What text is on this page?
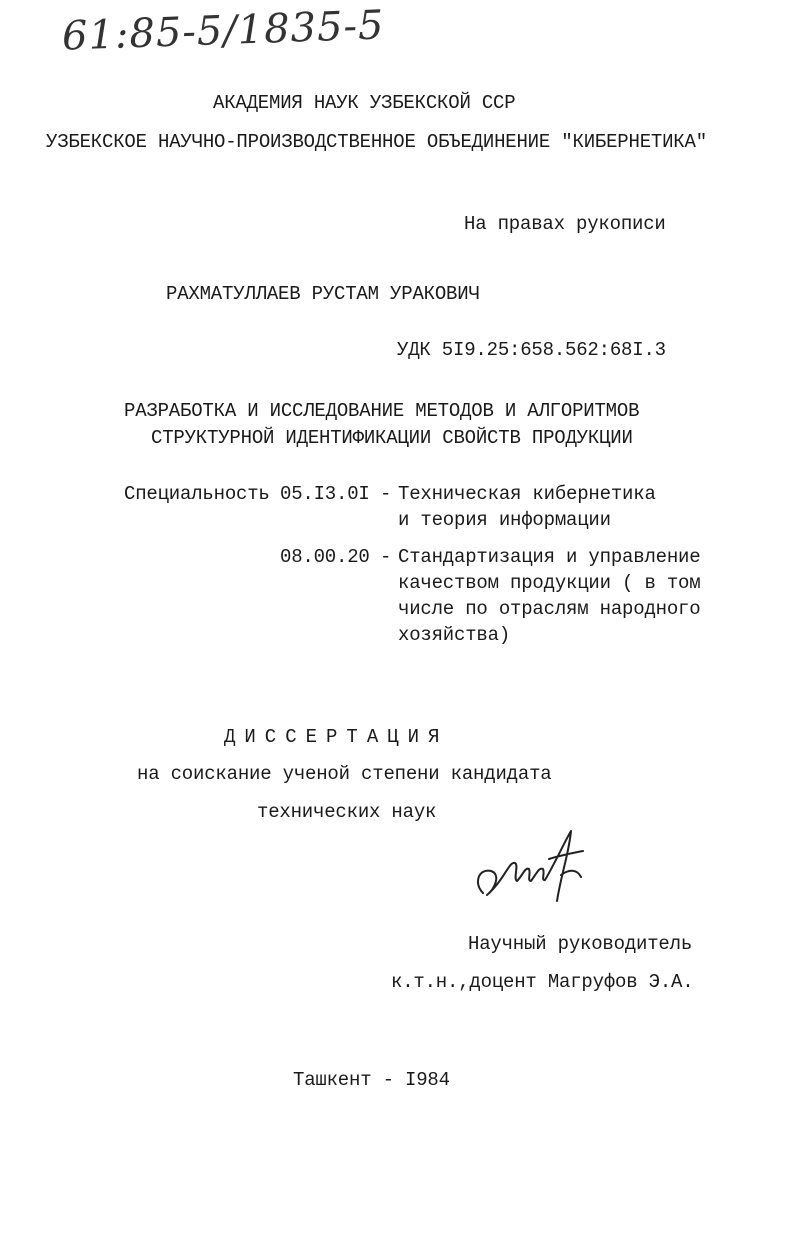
61:85-5/1835-5
АКАДЕМИЯ НАУК УЗБЕКСКОЙ ССР
УЗБЕКСКОЕ НАУЧНО-ПРОИЗВОДСТВЕННОЕ ОБЪЕДИНЕНИЕ "КИБЕРНЕТИКА"
На правах рукописи
РАХМАТУЛЛАЕВ РУСТАМ УРАКОВИЧ
УДК 5I9.25:658.562:68I.3
РАЗРАБОТКА И ИССЛЕДОВАНИЕ МЕТОДОВ И АЛГОРИТМОВ
СТРУКТУРНОЙ ИДЕНТИФИКАЦИИ СВОЙСТВ ПРОДУКЦИИ
Специальность 05.I3.0I - Техническая кибернетика
и теория информации
08.00.20 - Стандартизация и управление
качеством продукции ( в том
числе по отраслям народного
хозяйства)
ДИССЕРТАЦИЯ
на соискание ученой степени кандидата
технических наук
Научный руководитель
к.т.н.,доцент Магруфов Э.А.
Ташкент - I984
